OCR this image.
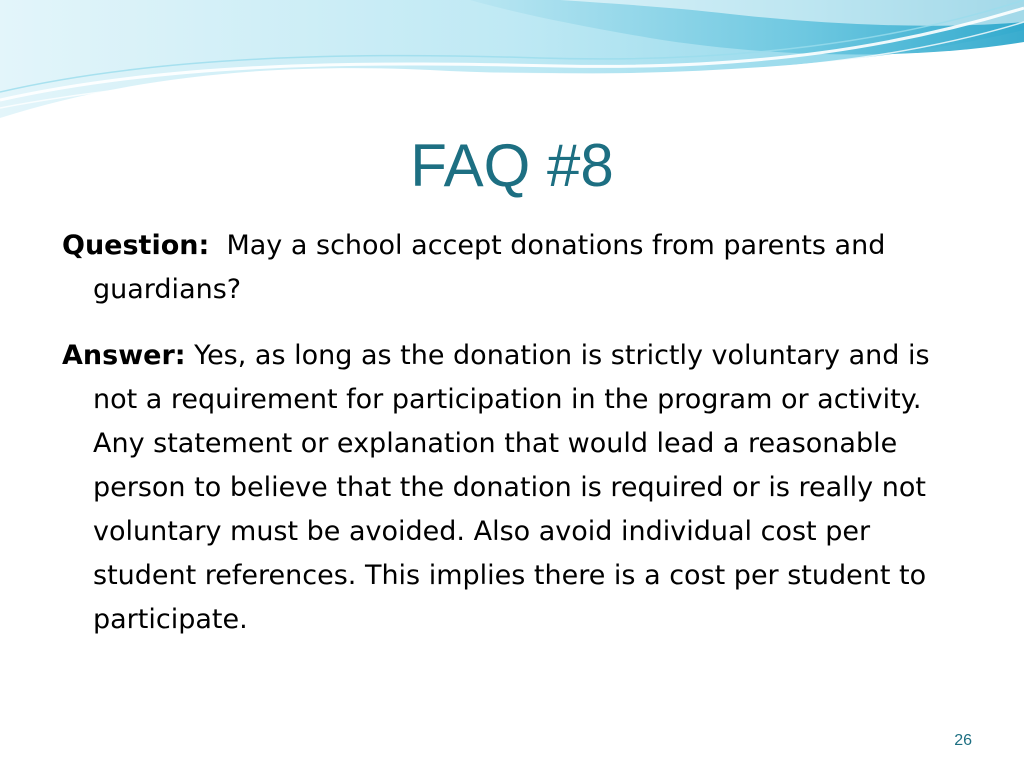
FAQ #8

Question: May a school accept donations from parents and guardians?

Answer: Yes, as long as the donation is strictly voluntary and is not a requirement for participation in the program or activity. Any statement or explanation that would lead a reasonable person to believe that the donation is required or is really not voluntary must be avoided. Also avoid individual cost per student references. This implies there is a cost per student to participate.

26
